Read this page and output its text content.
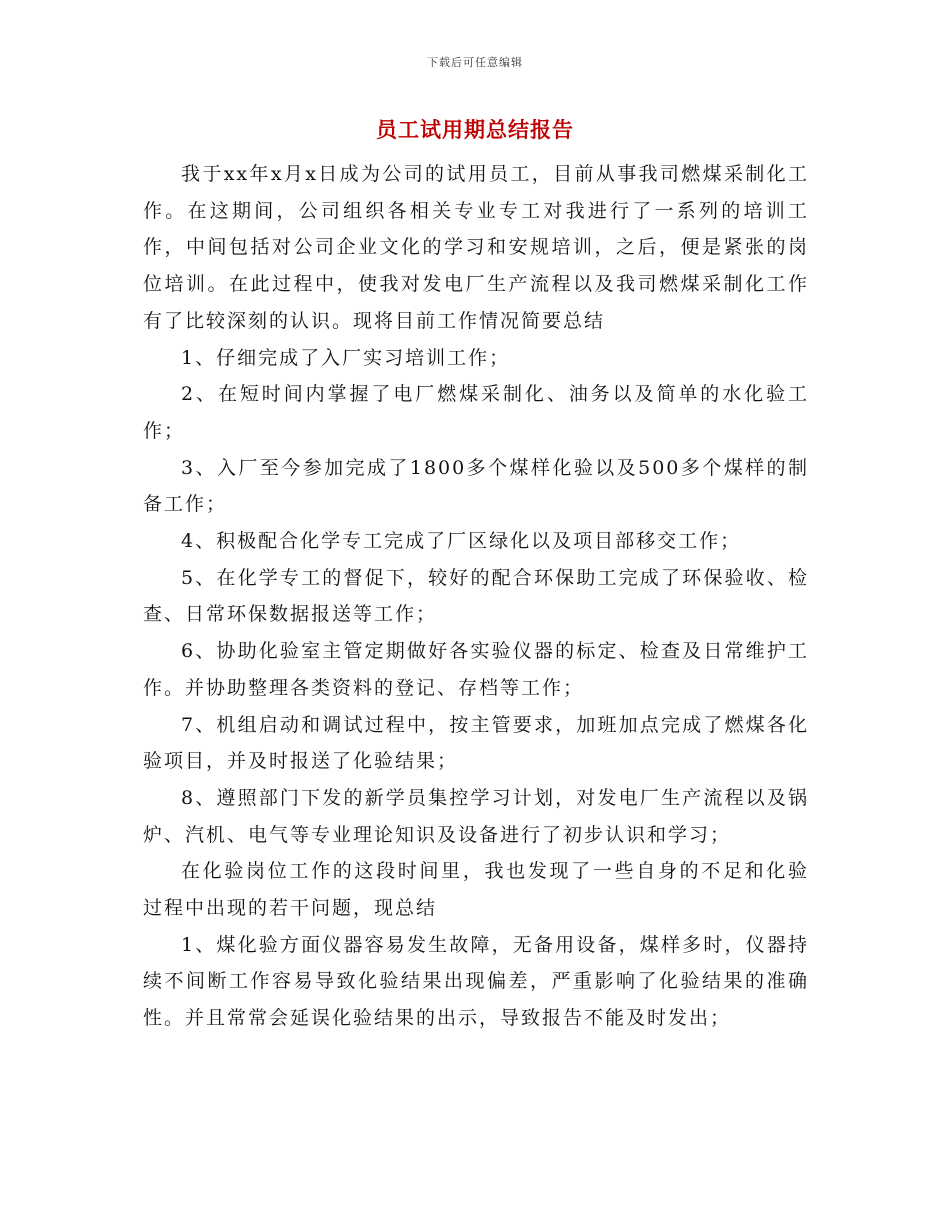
下载后可任意编辑
员工试用期总结报告

我于xx年x月x日成为公司的试用员工，目前从事我司燃煤采制化工作。在这期间，公司组织各相关专业专工对我进行了一系列的培训工作，中间包括对公司企业文化的学习和安规培训，之后，便是紧张的岗位培训。在此过程中，使我对发电厂生产流程以及我司燃煤采制化工作有了比较深刻的认识。现将目前工作情况简要总结

1、仔细完成了入厂实习培训工作；

2、在短时间内掌握了电厂燃煤采制化、油务以及简单的水化验工作；

3、入厂至今参加完成了1800多个煤样化验以及500多个煤样的制备工作；

4、积极配合化学专工完成了厂区绿化以及项目部移交工作；

5、在化学专工的督促下，较好的配合环保助工完成了环保验收、检查、日常环保数据报送等工作；

6、协助化验室主管定期做好各实验仪器的标定、检查及日常维护工作。并协助整理各类资料的登记、存档等工作；

7、机组启动和调试过程中，按主管要求，加班加点完成了燃煤各化验项目，并及时报送了化验结果；

8、遵照部门下发的新学员集控学习计划，对发电厂生产流程以及锅炉、汽机、电气等专业理论知识及设备进行了初步认识和学习；

在化验岗位工作的这段时间里，我也发现了一些自身的不足和化验过程中出现的若干问题，现总结

1、煤化验方面仪器容易发生故障，无备用设备，煤样多时，仪器持续不间断工作容易导致化验结果出现偏差，严重影响了化验结果的准确性。并且常常会延误化验结果的出示，导致报告不能及时发出；
